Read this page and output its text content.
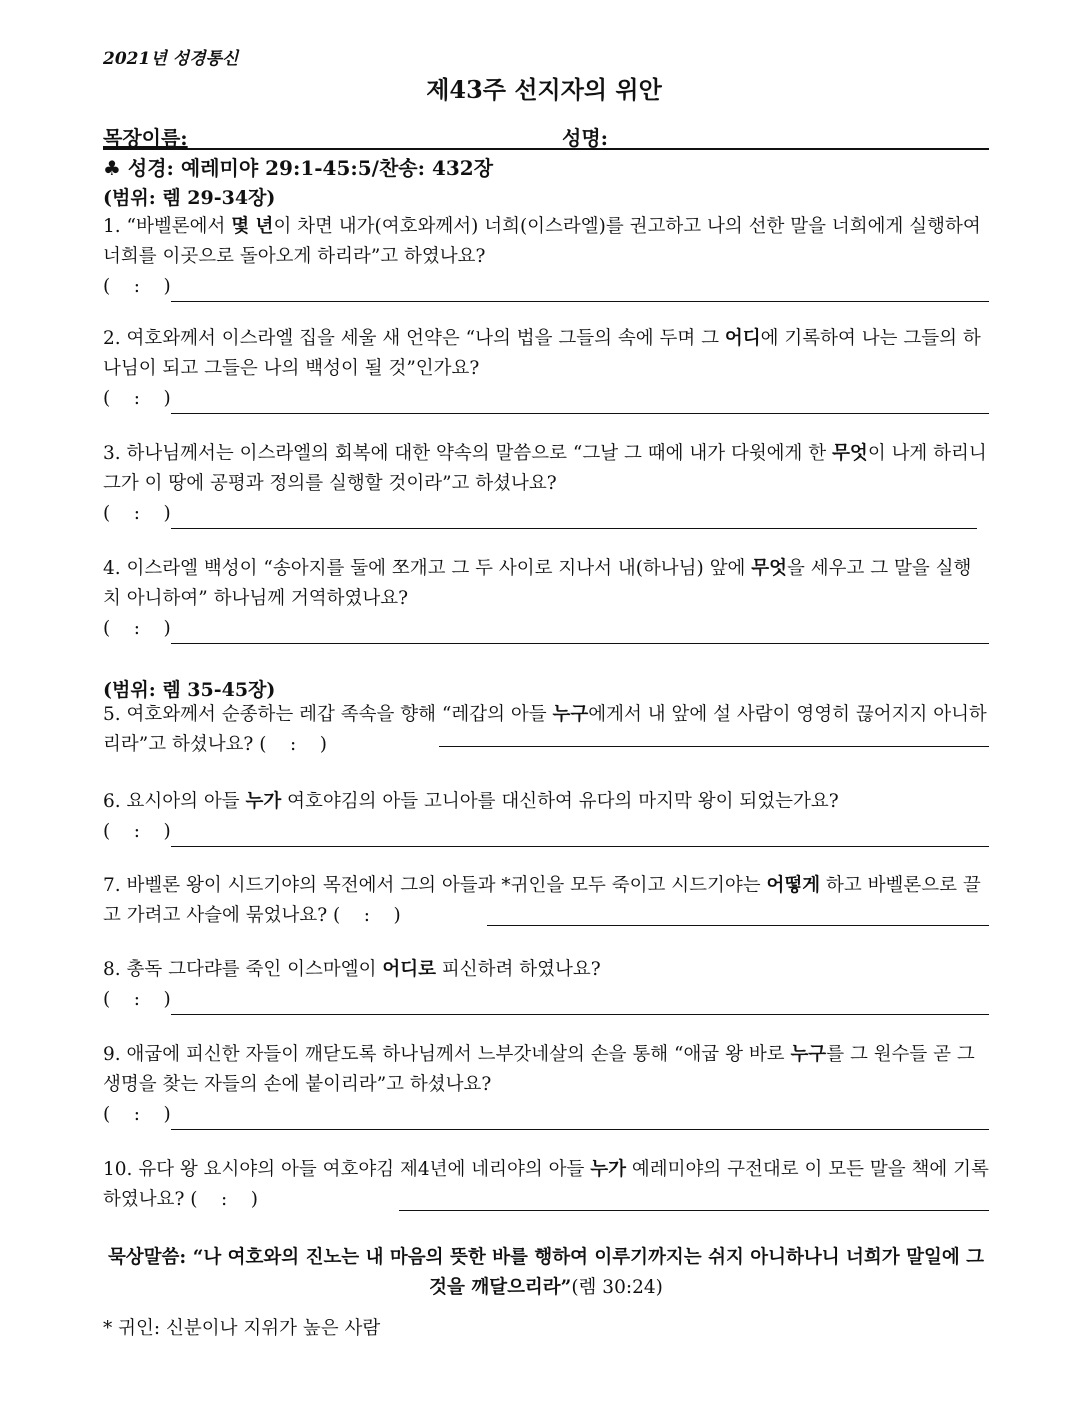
2021년 성경통신
제43주 선지자의 위안
목장이름:	성명:
♣ 성경: 예레미야 29:1-45:5/찬송: 432장
(범위: 렘 29-34장)
1. “바벨론에서 몇 년이 차면 내가(여호와께서) 너희(이스라엘)를 권고하고 나의 선한 말을 너희에게 실행하여 너희를 이곳으로 돌아오게 하리라”고 하였나요?
(    :    )
2. 여호와께서 이스라엘 집을 세울 새 언약은 “나의 법을 그들의 속에 두며 그 어디에 기록하여 나는 그들의 하나님이 되고 그들은 나의 백성이 될 것”인가요?
(    :    )
3. 하나님께서는 이스라엘의 회복에 대한 약속의 말씀으로 “그날 그 때에 내가 다윗에게 한 무엇이 나게 하리니 그가 이 땅에 공평과 정의를 실행할 것이라”고 하셨나요?
(    :    )
4. 이스라엘 백성이 “송아지를 둘에 쪼개고 그 두 사이로 지나서 내(하나님) 앞에 무엇을 세우고 그 말을 실행치 아니하여” 하나님께 거역하였나요?
(    :    )
(범위: 렘 35-45장)
5. 여호와께서 순종하는 레갑 족속을 향해 “레갑의 아들 누구에게서 내 앞에 설 사람이 영영히 끊어지지 아니하리라”고 하셨나요? (    :    )
6. 요시아의 아들 누가 여호야김의 아들 고니아를 대신하여 유다의 마지막 왕이 되었는가요?
(    :    )
7. 바벨론 왕이 시드기야의 목전에서 그의 아들과 *귀인을 모두 죽이고 시드기야는 어떻게 하고 바벨론으로 끌고 가려고 사슬에 묶었나요? (    :    )
8. 총독 그다랴를 죽인 이스마엘이 어디로 피신하려 하였나요?
(    :    )
9. 애굽에 피신한 자들이 깨닫도록 하나님께서 느부갓네살의 손을 통해 “애굽 왕 바로 누구를 그 원수들 곧 그 생명을 찾는 자들의 손에 붙이리라”고 하셨나요?
(    :    )
10. 유다 왕 요시야의 아들 여호야김 제4년에 네리야의 아들 누가 예레미야의 구전대로 이 모든 말을 책에 기록하였나요? (    :    )
묵상말씀: “나 여호와의 진노는 내 마음의 뜻한 바를 행하여 이루기까지는 쉬지 아니하나니 너희가 말일에 그것을 깨달으리라”(렘 30:24)
* 귀인: 신분이나 지위가 높은 사람
